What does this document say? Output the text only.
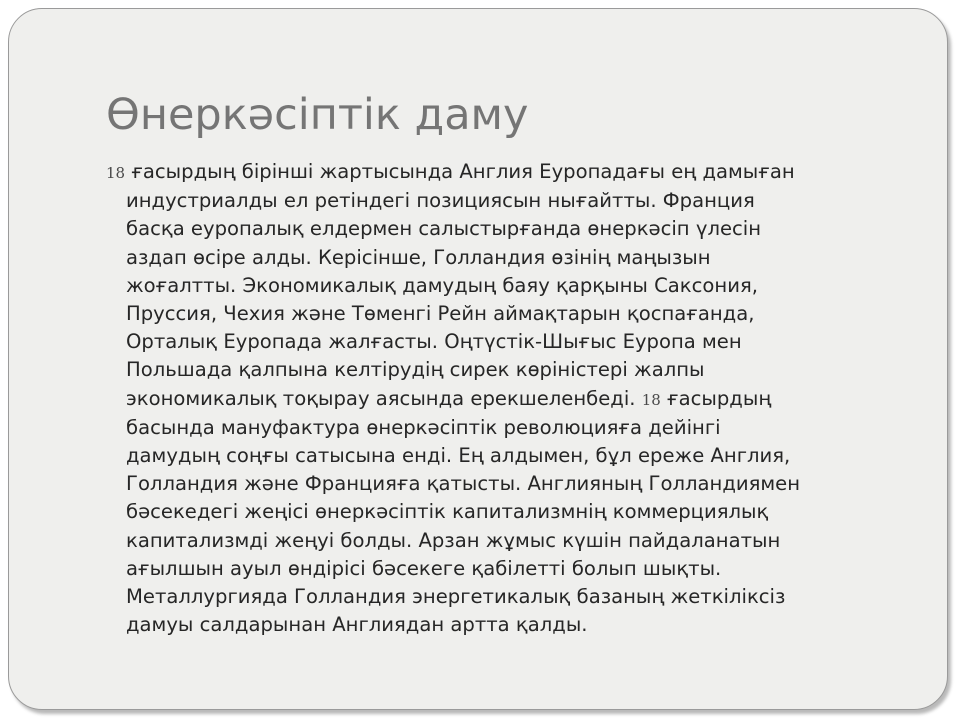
Өнеркәсіптік даму
18 ғасырдың бірінші жартысында Англия Еуропадағы ең дамыған
индустриалды ел ретіндегі позициясын нығайтты. Франция
басқа еуропалық елдермен салыстырғанда өнеркәсіп үлесін
аздап өсіре алды. Керісінше, Голландия өзінің маңызын
жоғалтты. Экономикалық дамудың баяу қарқыны Саксония,
Пруссия, Чехия және Төменгі Рейн аймақтарын қоспағанда,
Орталық Еуропада жалғасты. Оңтүстік-Шығыс Еуропа мен
Польшада қалпына келтірудің сирек көріністері жалпы
экономикалық тоқырау аясында ерекшеленбеді. 18 ғасырдың
басында мануфактура өнеркәсіптік революцияға дейінгі
дамудың соңғы сатысына енді. Ең алдымен, бұл ереже Англия,
Голландия және Францияға қатысты. Англияның Голландиямен
бәсекедегі жеңісі өнеркәсіптік капитализмнің коммерциялық
капитализмді жеңуі болды. Арзан жұмыс күшін пайдаланатын
ағылшын ауыл өндірісі бәсекеге қабілетті болып шықты.
Металлургияда Голландия энергетикалық базаның жеткіліксіз
дамуы салдарынан Англиядан артта қалды.
